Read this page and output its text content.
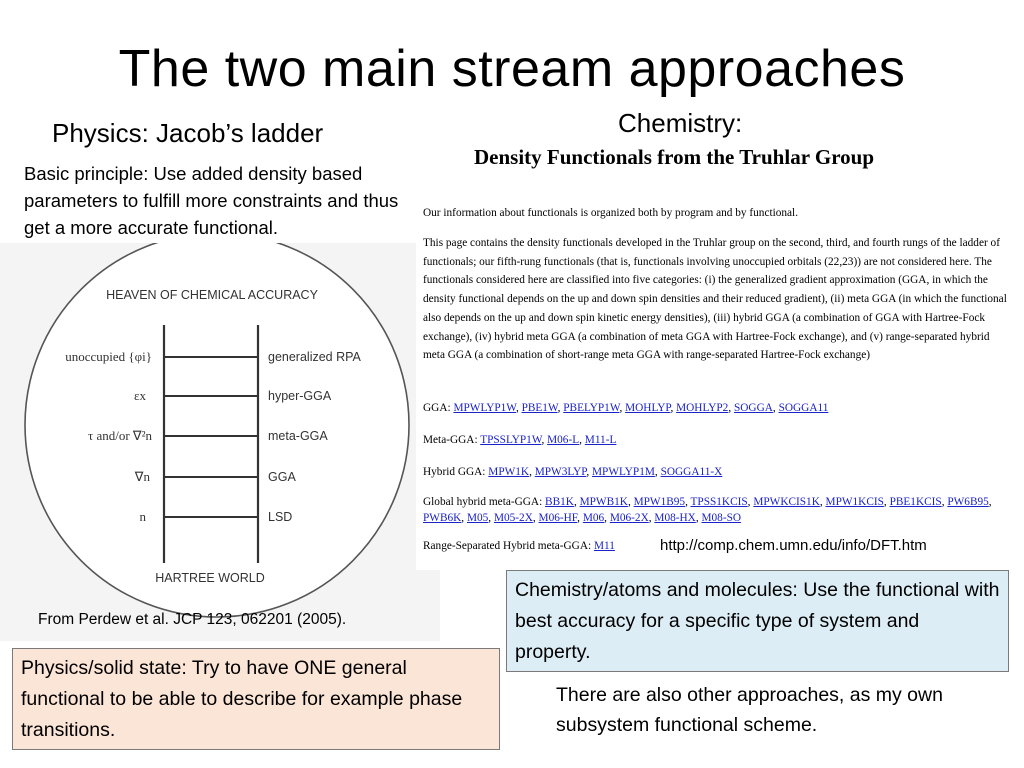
The two main stream approaches
Physics: Jacob’s ladder	Chemistry:
Basic principle: Use added density based parameters to fulfill more constraints and thus get a more accurate functional.
HEAVEN OF CHEMICAL ACCURACY
HARTREE WORLD
unoccupied {φi}
εx
τ and/or ∇²n
∇n
n
generalized RPA
hyper-GGA
meta-GGA
GGA
LSD
From Perdew et al. JCP 123, 062201 (2005).
Density Functionals from the Truhlar Group
Our information about functionals is organized both by program and by functional.
This page contains the density functionals developed in the Truhlar group on the second, third, and fourth rungs of the ladder of functionals; our fifth-rung functionals (that is, functionals involving unoccupied orbitals (22,23)) are not considered here. The functionals considered here are classified into five categories: (i) the generalized gradient approximation (GGA, in which the density functional depends on the up and down spin densities and their reduced gradient), (ii) meta GGA (in which the functional also depends on the up and down spin kinetic energy densities), (iii) hybrid GGA (a combination of GGA with Hartree-Fock exchange), (iv) hybrid meta GGA (a combination of meta GGA with Hartree-Fock exchange), and (v) range-separated hybrid meta GGA (a combination of short-range meta GGA with range-separated Hartree-Fock exchange)
GGA: MPWLYP1W, PBE1W, PBELYP1W, MOHLYP, MOHLYP2, SOGGA, SOGGA11
Meta-GGA: TPSSLYP1W, M06-L, M11-L
Hybrid GGA: MPW1K, MPW3LYP, MPWLYP1M, SOGGA11-X
Global hybrid meta-GGA: BB1K, MPWB1K, MPW1B95, TPSS1KCIS, MPWKCIS1K, MPW1KCIS, PBE1KCIS, PW6B95, PWB6K, M05, M05-2X, M06-HF, M06, M06-2X, M08-HX, M08-SO
Range-Separated Hybrid meta-GGA: M11	http://comp.chem.umn.edu/info/DFT.htm
Chemistry/atoms and molecules: Use the functional with best accuracy for a specific type of system and property.
Physics/solid state: Try to have ONE general functional to be able to describe for example phase transitions.
There are also other approaches, as my own subsystem functional scheme.
